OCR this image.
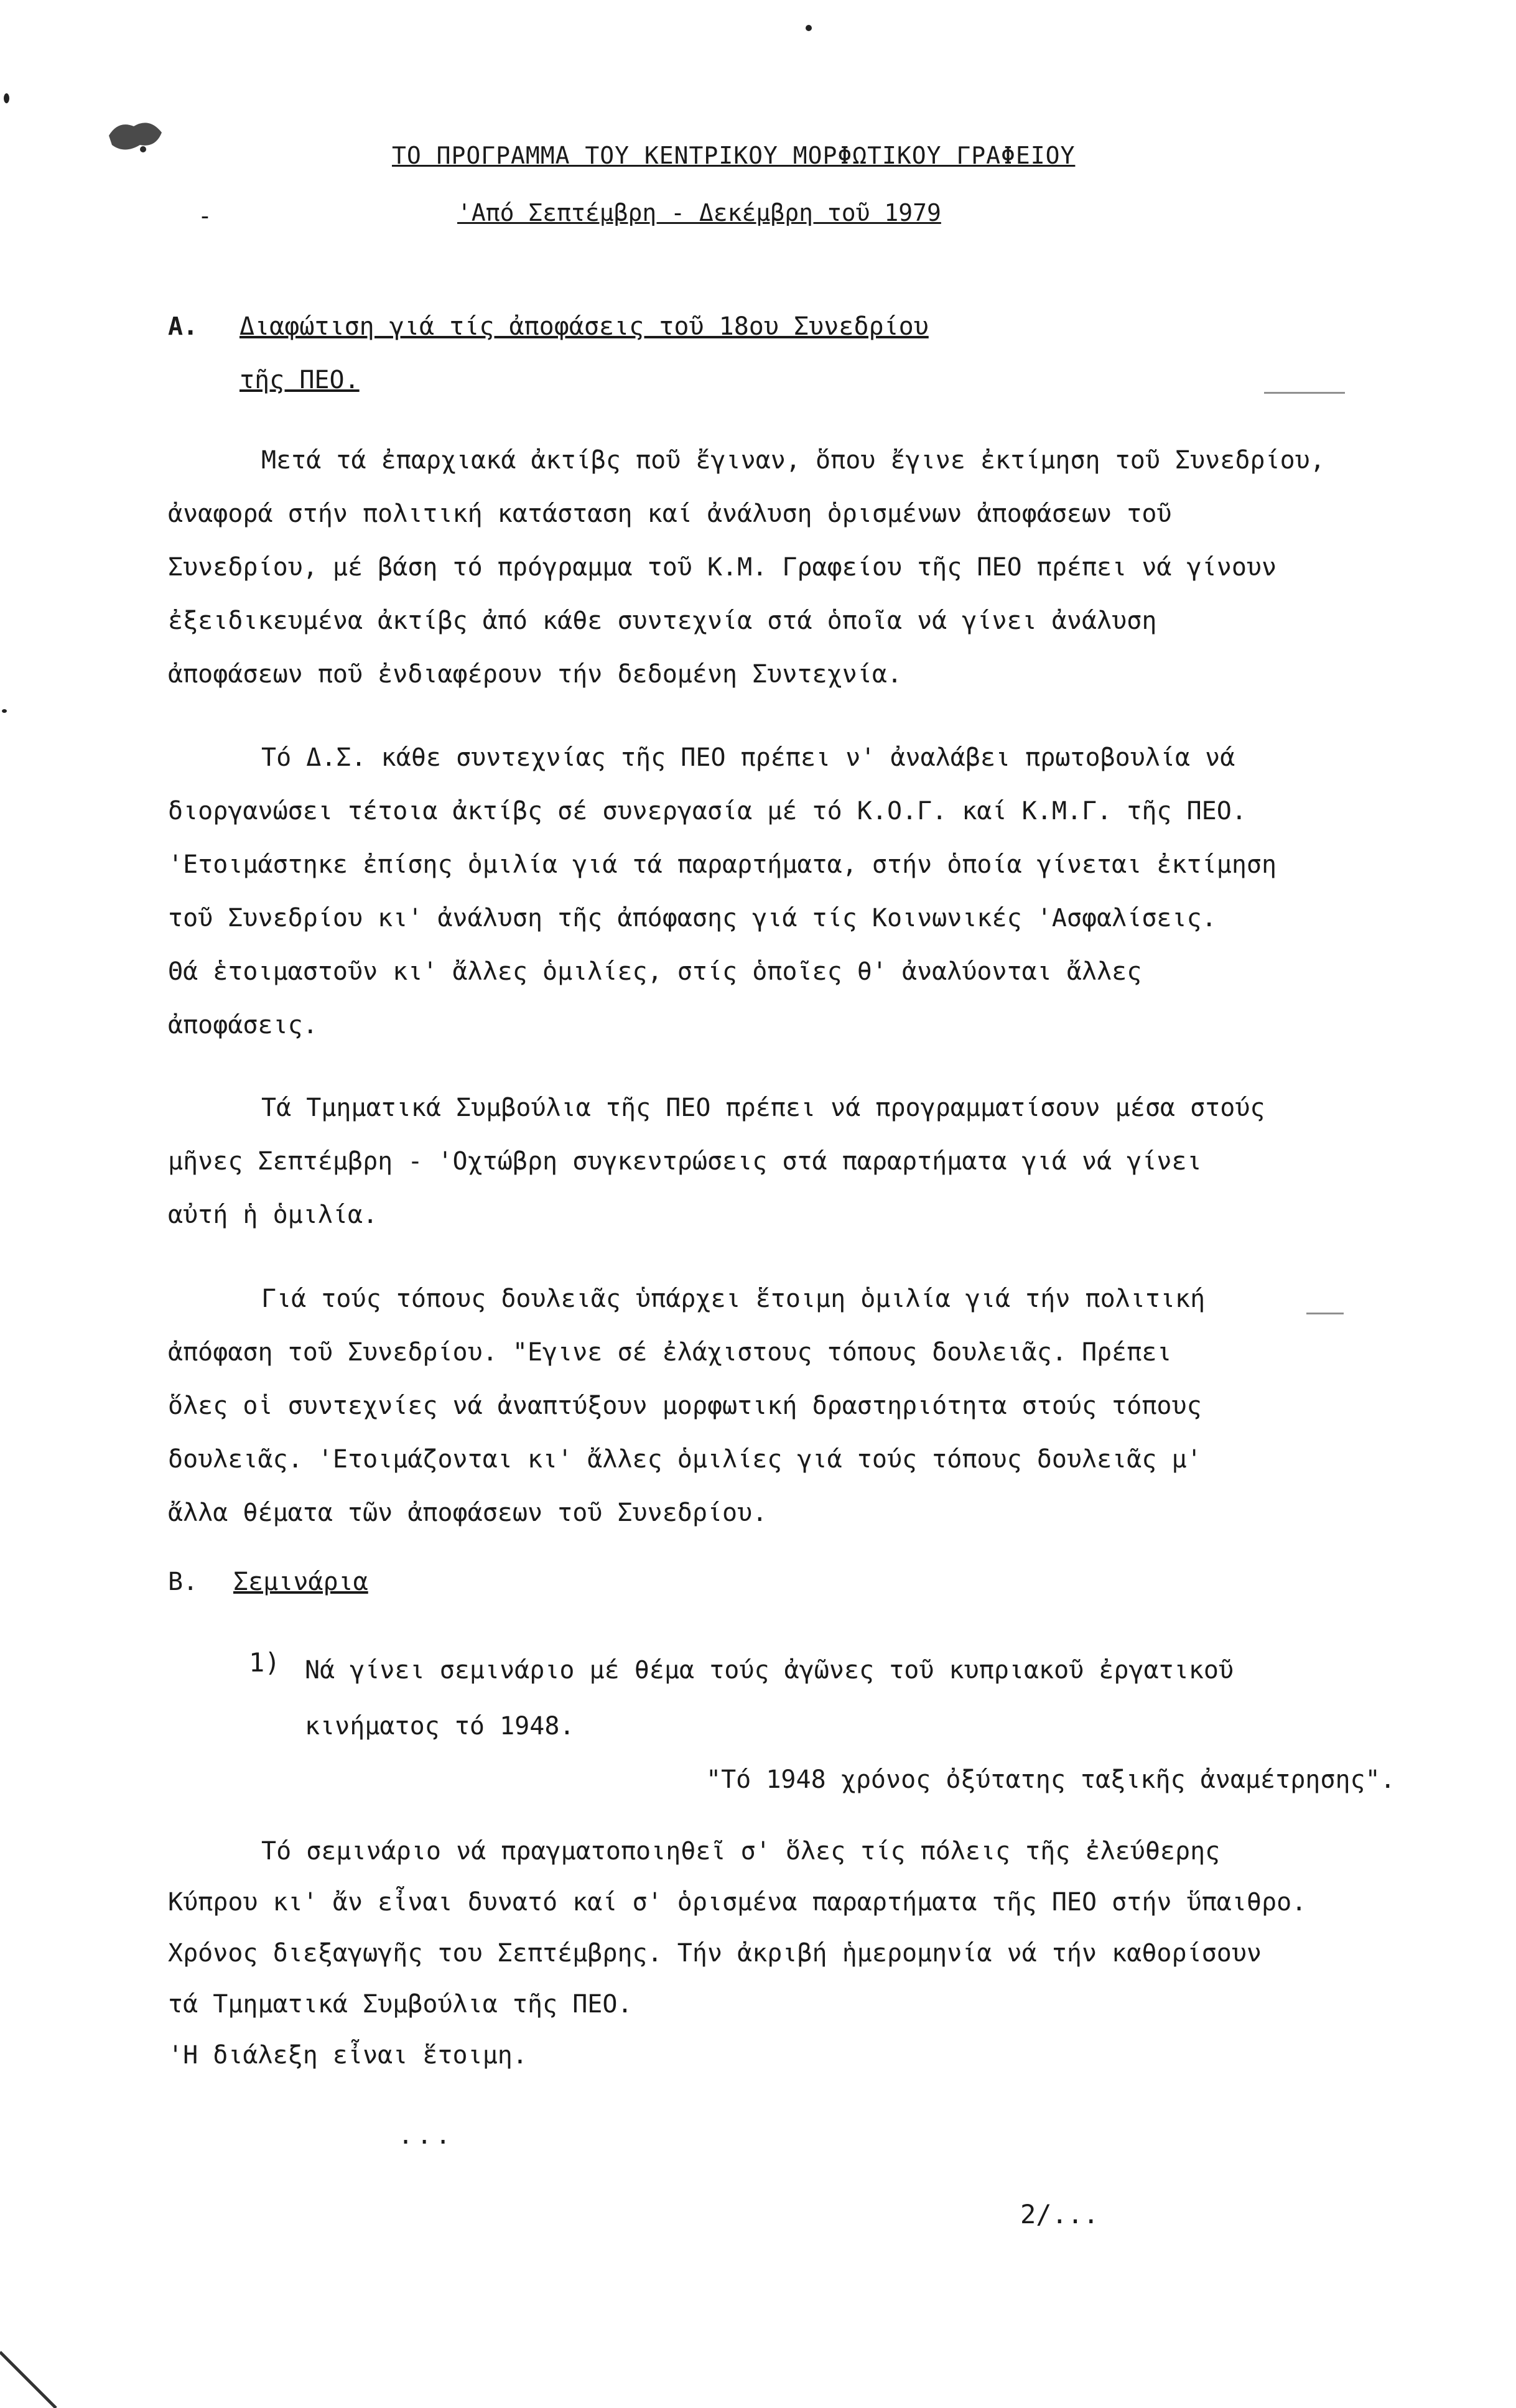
ΤΟ ΠΡΟΓΡΑΜΜΑ ΤΟΥ ΚΕΝΤΡΙΚΟΥ ΜΟΡΦΩΤΙΚΟΥ ΓΡΑΦΕΙΟΥ
-	'Από Σεπτέμβρη - Δεκέμβρη τοῦ 1979
Α. Διαφώτιση γιά τίς ἀποφάσεις τοῦ 18ου Συνεδρίου
τῆς ΠΕΟ.
Μετά τά ἐπαρχιακά ἀκτίβς ποῦ ἔγιναν, ὅπου ἔγινε ἐκτίμηση τοῦ Συνεδρίου,
ἀναφορά στήν πολιτική κατάσταση καί ἀνάλυση ὁρισμένων ἀποφάσεων τοῦ
Συνεδρίου, μέ βάση τό πρόγραμμα τοῦ Κ.Μ. Γραφείου τῆς ΠΕΟ πρέπει νά γίνουν
ἐξειδικευμένα ἀκτίβς ἀπό κάθε συντεχνία στά ὁποῖα νά γίνει ἀνάλυση
ἀποφάσεων ποῦ ἐνδιαφέρουν τήν δεδομένη Συντεχνία.
Τό Δ.Σ. κάθε συντεχνίας τῆς ΠΕΟ πρέπει ν' ἀναλάβει πρωτοβουλία νά
διοργανώσει τέτοια ἀκτίβς σέ συνεργασία μέ τό Κ.Ο.Γ. καί Κ.Μ.Γ. τῆς ΠΕΟ.
'Ετοιμάστηκε ἐπίσης ὁμιλία γιά τά παραρτήματα, στήν ὁποία γίνεται ἐκτίμηση
τοῦ Συνεδρίου κι' ἀνάλυση τῆς ἀπόφασης γιά τίς Κοινωνικές 'Ασφαλίσεις.
Θά ἑτοιμαστοῦν κι' ἄλλες ὁμιλίες, στίς ὁποῖες θ' ἀναλύονται ἄλλες
ἀποφάσεις.
Τά Τμηματικά Συμβούλια τῆς ΠΕΟ πρέπει νά προγραμματίσουν μέσα στούς
μῆνες Σεπτέμβρη - 'Οχτώβρη συγκεντρώσεις στά παραρτήματα γιά νά γίνει
αὐτή ἡ ὁμιλία.
Γιά τούς τόπους δουλειᾶς ὑπάρχει ἕτοιμη ὁμιλία γιά τήν πολιτική
ἀπόφαση τοῦ Συνεδρίου. "Εγινε σέ ἐλάχιστους τόπους δουλειᾶς. Πρέπει
ὅλες οἱ συντεχνίες νά ἀναπτύξουν μορφωτική δραστηριότητα στούς τόπους
δουλειᾶς. 'Ετοιμάζονται κι' ἄλλες ὁμιλίες γιά τούς τόπους δουλειᾶς μ'
ἄλλα θέματα τῶν ἀποφάσεων τοῦ Συνεδρίου.
Β. Σεμινάρια
1) Νά γίνει σεμινάριο μέ θέμα τούς ἀγῶνες τοῦ κυπριακοῦ ἐργατικοῦ
κινήματος τό 1948.
"Τό 1948 χρόνος ὀξύτατης ταξικῆς ἀναμέτρησης".
Τό σεμινάριο νά πραγματοποιηθεῖ σ' ὅλες τίς πόλεις τῆς ἐλεύθερης
Κύπρου κι' ἄν εἶναι δυνατό καί σ' ὁρισμένα παραρτήματα τῆς ΠΕΟ στήν ὕπαιθρο.
Χρόνος διεξαγωγῆς του Σεπτέμβρης. Τήν ἀκριβή ἡμερομηνία νά τήν καθορίσουν
τά Τμηματικά Συμβούλια τῆς ΠΕΟ.
'Η διάλεξη εἶναι ἕτοιμη.
...
2/...
